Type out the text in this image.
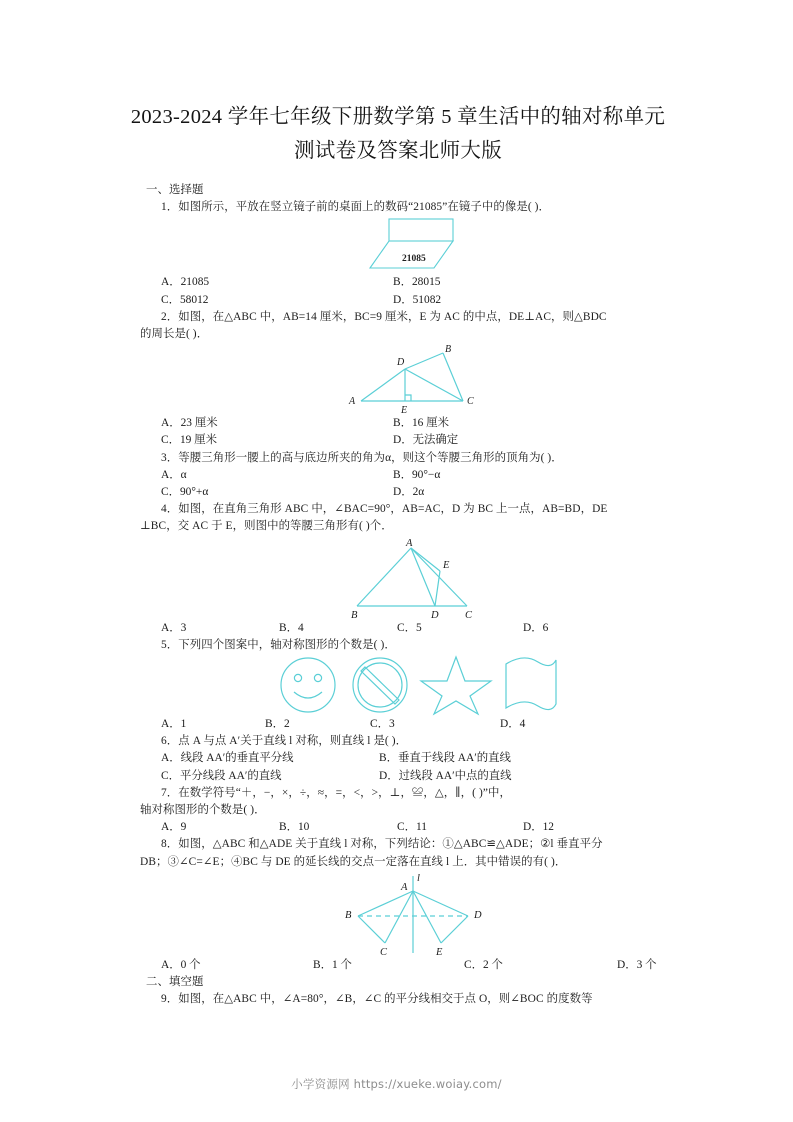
2023-2024 学年七年级下册数学第 5 章生活中的轴对称单元
测试卷及答案北师大版
一、选择题
1．如图所示，平放在竖立镜子前的桌面上的数码“21085”在镜子中的像是( )．
21085
A．21085	B．28015
C．58012	D．51082
2．如图，在△ABC 中，AB=14 厘米，BC=9 厘米，E 为 AC 的中点，DE⊥AC，则△BDC
的周长是( )．
A
B
C
D
E
A．23 厘米	B．16 厘米
C．19 厘米	D．无法确定
3．等腰三角形一腰上的高与底边所夹的角为α，则这个等腰三角形的顶角为( )．
A．α	B．90°−α
C．90°+α	D．2α
4．如图，在直角三角形 ABC 中，∠BAC=90°，AB=AC，D 为 BC 上一点，AB=BD，DE
⊥BC，交 AC 于 E，则图中的等腰三角形有( )个．
A
B	C
D
E
A．3	B．4	C．5	D．6
5．下列四个图案中，轴对称图形的个数是( )．
A．1	B．2	C．3	D．4
6．点 A 与点 A′关于直线 l 对称，则直线 l 是( )．
A．线段 AA′的垂直平分线	B．垂直于线段 AA′的直线
C．平分线段 AA′的直线	D．过线段 AA′中点的直线
7．在数学符号“＋，−，×，÷，≈，=，<，>，⊥，≌，△，∥，( )”中，
轴对称图形的个数是( )．
A．9	B．10	C．11	D．12
8．如图，△ABC 和△ADE 关于直线 l 对称，下列结论：①△ABC≌△ADE；②l 垂直平分
DB；③∠C=∠E；④BC 与 DE 的延长线的交点一定落在直线 l 上．其中错误的有( )．
l
A
B
C
D
E
A．0 个	B．1 个	C．2 个	D．3 个
二、填空题
9．如图，在△ABC 中，∠A=80°，∠B，∠C 的平分线相交于点 O，则∠BOC 的度数等
小学资源网 https://xueke.woiay.com/
